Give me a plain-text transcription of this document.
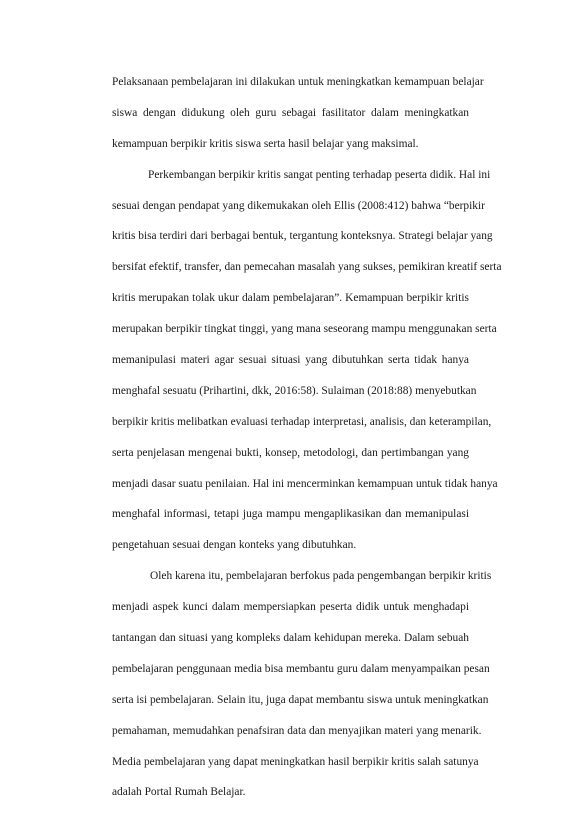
Pelaksanaan pembelajaran ini dilakukan untuk meningkatkan kemampuan belajar
siswa dengan didukung oleh guru sebagai fasilitator dalam meningkatkan
kemampuan berpikir kritis siswa serta hasil belajar yang maksimal.
Perkembangan berpikir kritis sangat penting terhadap peserta didik. Hal ini
sesuai dengan pendapat yang dikemukakan oleh Ellis (2008:412) bahwa “berpikir
kritis bisa terdiri dari berbagai bentuk, tergantung konteksnya. Strategi belajar yang
bersifat efektif, transfer, dan pemecahan masalah yang sukses, pemikiran kreatif serta
kritis merupakan tolak ukur dalam pembelajaran”. Kemampuan berpikir kritis
merupakan berpikir tingkat tinggi, yang mana seseorang mampu menggunakan serta
memanipulasi materi agar sesuai situasi yang dibutuhkan serta tidak hanya
menghafal sesuatu (Prihartini, dkk, 2016:58). Sulaiman (2018:88) menyebutkan
berpikir kritis melibatkan evaluasi terhadap interpretasi, analisis, dan keterampilan,
serta penjelasan mengenai bukti, konsep, metodologi, dan pertimbangan yang
menjadi dasar suatu penilaian. Hal ini mencerminkan kemampuan untuk tidak hanya
menghafal informasi, tetapi juga mampu mengaplikasikan dan memanipulasi
pengetahuan sesuai dengan konteks yang dibutuhkan.
Oleh karena itu, pembelajaran berfokus pada pengembangan berpikir kritis
menjadi aspek kunci dalam mempersiapkan peserta didik untuk menghadapi
tantangan dan situasi yang kompleks dalam kehidupan mereka. Dalam sebuah
pembelajaran penggunaan media bisa membantu guru dalam menyampaikan pesan
serta isi pembelajaran. Selain itu, juga dapat membantu siswa untuk meningkatkan
pemahaman, memudahkan penafsiran data dan menyajikan materi yang menarik.
Media pembelajaran yang dapat meningkatkan hasil berpikir kritis salah satunya
adalah Portal Rumah Belajar.
